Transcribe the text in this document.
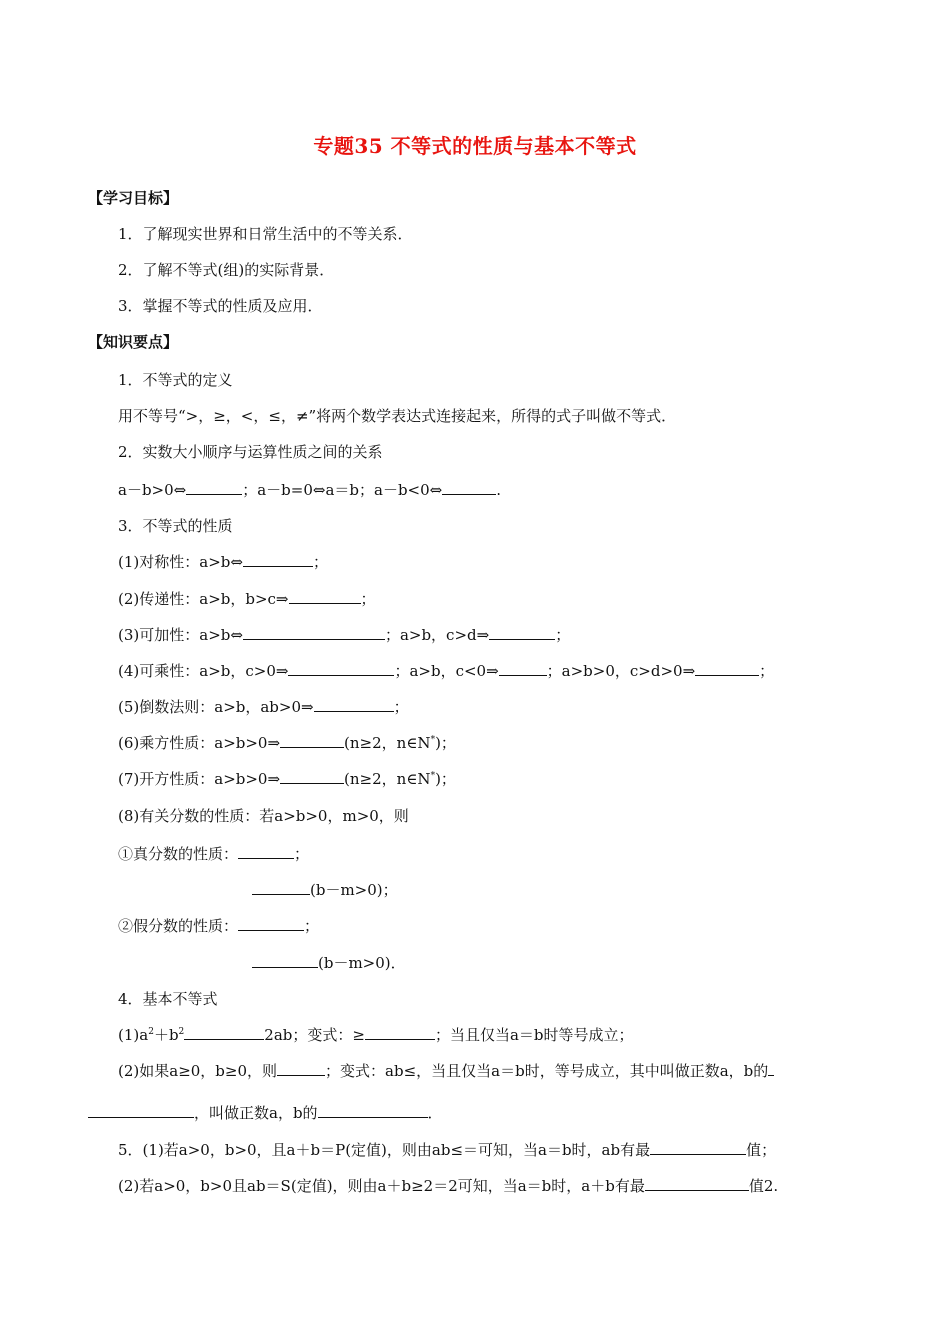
专题35 不等式的性质与基本不等式
【学习目标】
1．了解现实世界和日常生活中的不等关系．
2．了解不等式(组)的实际背景．
3．掌握不等式的性质及应用．
【知识要点】
1．不等式的定义
用不等号“>，≥，<，≤，≠”将两个数学表达式连接起来，所得的式子叫做不等式．
2．实数大小顺序与运算性质之间的关系
a－b>0⇔	；a－b=0⇔a＝b；a－b<0⇔	.
3．不等式的性质
(1)对称性：a>b⇔	；
(2)传递性：a>b，b>c⇒	；
(3)可加性：a>b⇔	；a>b，c>d⇒	；
(4)可乘性：a>b，c>0⇒	；a>b，c<0⇒	；a>b>0，c>d>0⇒	；
(5)倒数法则：a>b，ab>0⇒	；
(6)乘方性质：a>b>0⇒	(n≥2，n∈N*)；
(7)开方性质：a>b>0⇒	(n≥2，n∈N*)；
(8)有关分数的性质：若a>b>0，m>0，则
①真分数的性质：	；
(b－m>0)；
②假分数的性质：	；
(b－m>0)．
4．基本不等式
$(1)a^2+b^2$	2ab；变式：≥	；当且仅当a＝b时等号成立；
(2)如果a≥0，b≥0，则	；变式：ab≤，当且仅当a＝b时，等号成立，其中叫做正数a，b的
，叫做正数a，b的	．
5．(1)若a>0，b>0，且a＋b＝P(定值)，则由ab≤＝可知，当a＝b时，ab有最	值；
(2)若a>0，b>0且ab＝S(定值)，则由a＋b≥2＝2可知，当a＝b时，a＋b有最	值2.
